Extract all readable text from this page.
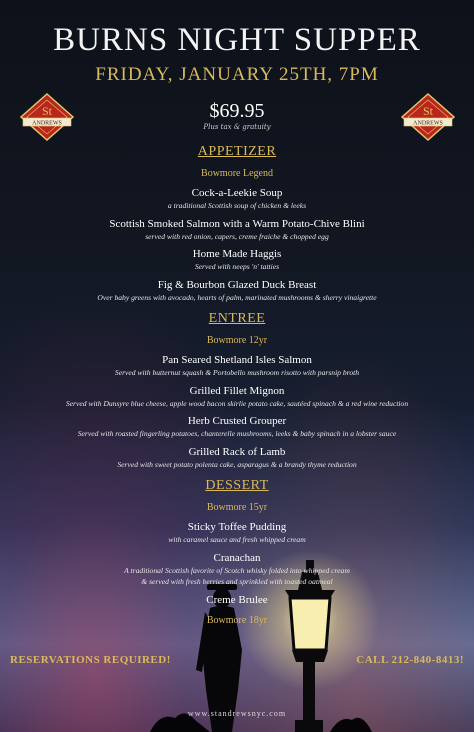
St
ANDREWS
St
ANDREWS
BURNS NIGHT SUPPER
FRIDAY, JANUARY 25TH, 7PM
$69.95
Plus tax & gratuity
APPETIZER
Bowmore Legend
Cock-a-Leekie Soup
a traditional Scottish soup of chicken & leeks
Scottish Smoked Salmon with a Warm Potato-Chive Blini
served with red onion, capers, creme fraiche & chopped egg
Home Made Haggis
Served with neeps 'n' tatties
Fig & Bourbon Glazed Duck Breast
Over baby greens with avocado, hearts of palm, marinated mushrooms & sherry vinaigrette
ENTREE
Bowmore 12yr
Pan Seared Shetland Isles Salmon
Served with butternut squash & Portobello mushroom risotto with parsnip broth
Grilled Fillet Mignon
Served with Dunsyre blue cheese, apple wood bacon skirlie potato cake, sautéed spinach & a red wine reduction
Herb Crusted Grouper
Served with roasted fingerling potatoes, chanterelle mushrooms, leeks & baby spinach in a lobster sauce
Grilled Rack of Lamb
Served with sweet potato polenta cake, asparagus & a brandy thyme reduction
DESSERT
Bowmore 15yr
Sticky Toffee Pudding
with caramel sauce and fresh whipped cream
Cranachan
A traditional Scottish favorite of Scotch whisky folded into whipped cream
& served with fresh berries and sprinkled with toasted oatmeal
Creme Brulee
Bowmore 18yr
RESERVATIONS REQUIRED!	CALL 212-840-8413!
www.standrewsnyc.com
